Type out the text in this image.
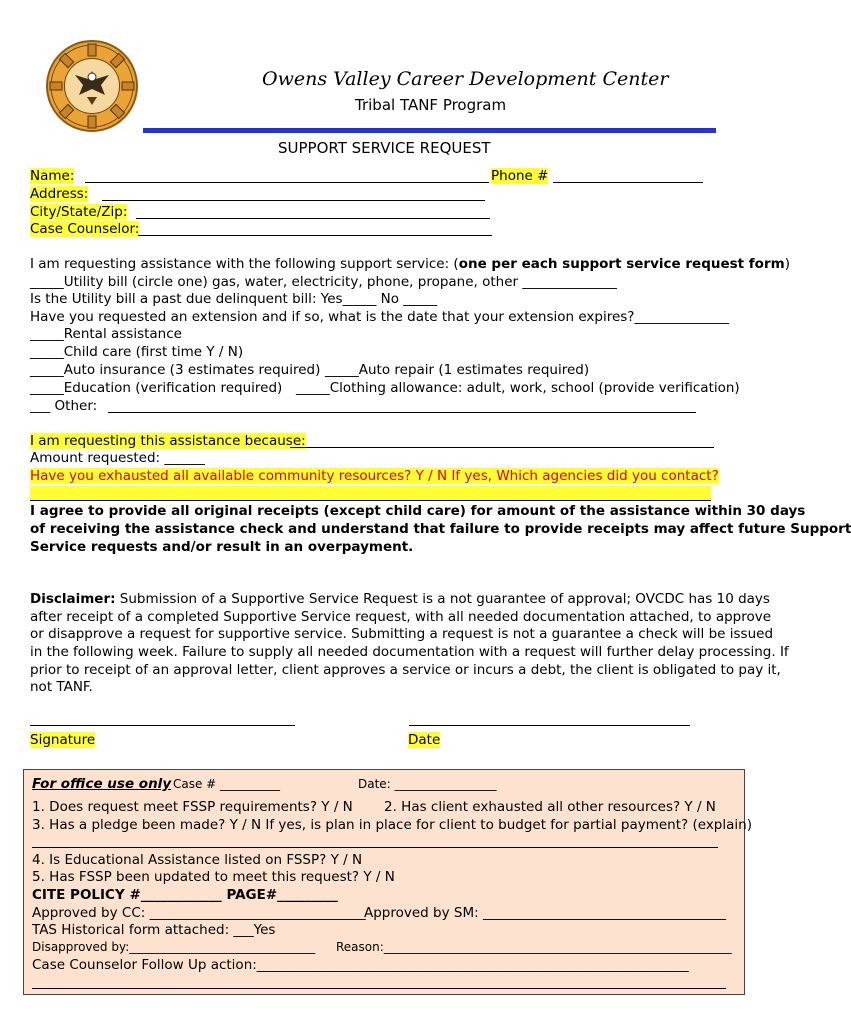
Owens Valley Career Development Center
Tribal TANF Program
SUPPORT SERVICE REQUEST
Name:	Phone #
Address:
City/State/Zip:
Case Counselor:
I am requesting assistance with the following support service: (one per each support service request form)
_____Utility bill (circle one) gas, water, electricity, phone, propane, other ______________
Is the Utility bill a past due delinquent bill: Yes_____ No _____
Have you requested an extension and if so, what is the date that your extension expires?______________
_____Rental assistance
_____Child care (first time Y / N)
_____Auto insurance (3 estimates required) _____Auto repair (1 estimates required)
_____Education (verification required) _____Clothing allowance: adult, work, school (provide verification)
___ Other:
I am requesting this assistance because:
Amount requested: ______
Have you exhausted all available community resources? Y / N If yes, Which agencies did you contact?
I agree to provide all original receipts (except child care) for amount of the assistance within 30 days
of receiving the assistance check and understand that failure to provide receipts may affect future Support
Service requests and/or result in an overpayment.
Disclaimer: Submission of a Supportive Service Request is a not guarantee of approval; OVCDC has 10 days
after receipt of a completed Supportive Service request, with all needed documentation attached, to approve
or disapprove a request for supportive service. Submitting a request is not a guarantee a check will be issued
in the following week. Failure to supply all needed documentation with a request will further delay processing. If
prior to receipt of an approval letter, client approves a service or incurs a debt, the client is obligated to pay it,
not TANF.
Signature	Date
For office use only Case # __________	Date: _________________
1. Does request meet FSSP requirements? Y / N 2. Has client exhausted all other resources? Y / N
3. Has a pledge been made? Y / N If yes, is plan in place for client to budget for partial payment? (explain)
4. Is Educational Assistance listed on FSSP? Y / N
5. Has FSSP been updated to meet this request? Y / N
CITE POLICY #____________ PAGE#_________
Approved by CC: ________________________________
Approved by SM: ____________________________________
TAS Historical form attached: ___Yes
Disapproved by:_______________________________ Reason:__________________________________________________________
Case Counselor Follow Up action:________________________________________________________________
